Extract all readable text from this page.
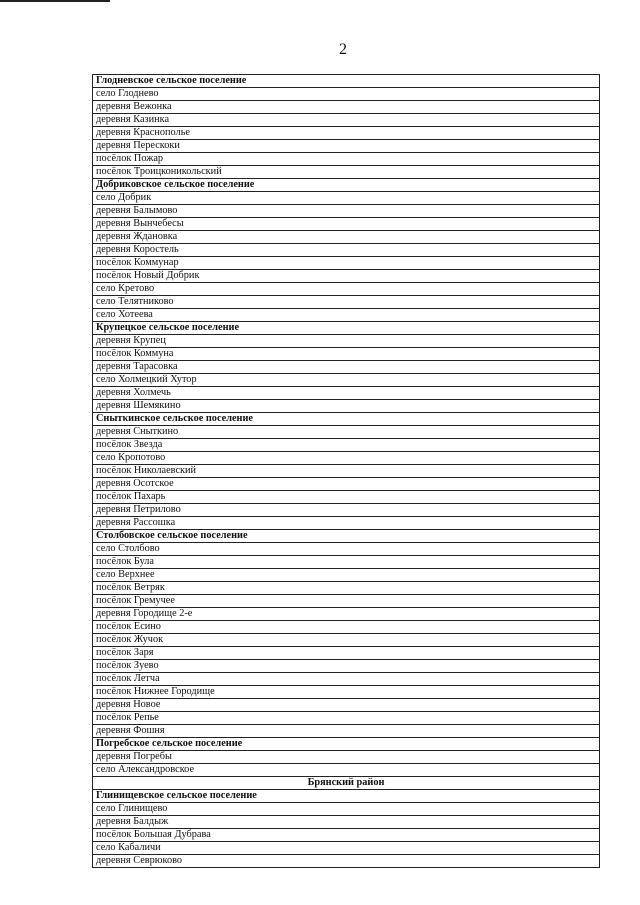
2
Глодневское сельское поселение
село Глоднево
деревня Вежонка
деревня Казинка
деревня Краснополье
деревня Перескоки
посёлок Пожар
посёлок Троицконикольский
Добриковское сельское поселение
село Добрик
деревня Балымово
деревня Вынчебесы
деревня Ждановка
деревня Коростель
посёлок Коммунар
посёлок Новый Добрик
село Кретово
село Телятниково
село Хотеева
Крупецкое сельское поселение
деревня Крупец
посёлок Коммуна
деревня Тарасовка
село Холмецкий Хутор
деревня Холмечь
деревня Шемякино
Снытκинское сельское поселение
деревня Сныткино
посёлок Звезда
село Кропотово
посёлок Николаевский
деревня Осотское
посёлок Пахарь
деревня Петрилово
деревня Рассошка
Столбовское сельское поселение
село Столбово
посёлок Була
село Верхнее
посёлок Ветряк
посёлок Гремучее
деревня Городище 2-е
посёлок Есино
посёлок Жучок
посёлок Заря
посёлок Зуево
посёлок Летча
посёлок Нижнее Городище
деревня Новое
посёлок Репье
деревня Фошня
Погребское сельское поселение
деревня Погребы
село Александровское
Брянский район
Глинищевское сельское поселение
село Глинищево
деревня Балдыж
посёлок Большая Дубрава
село Кабаличи
деревня Севрюково
